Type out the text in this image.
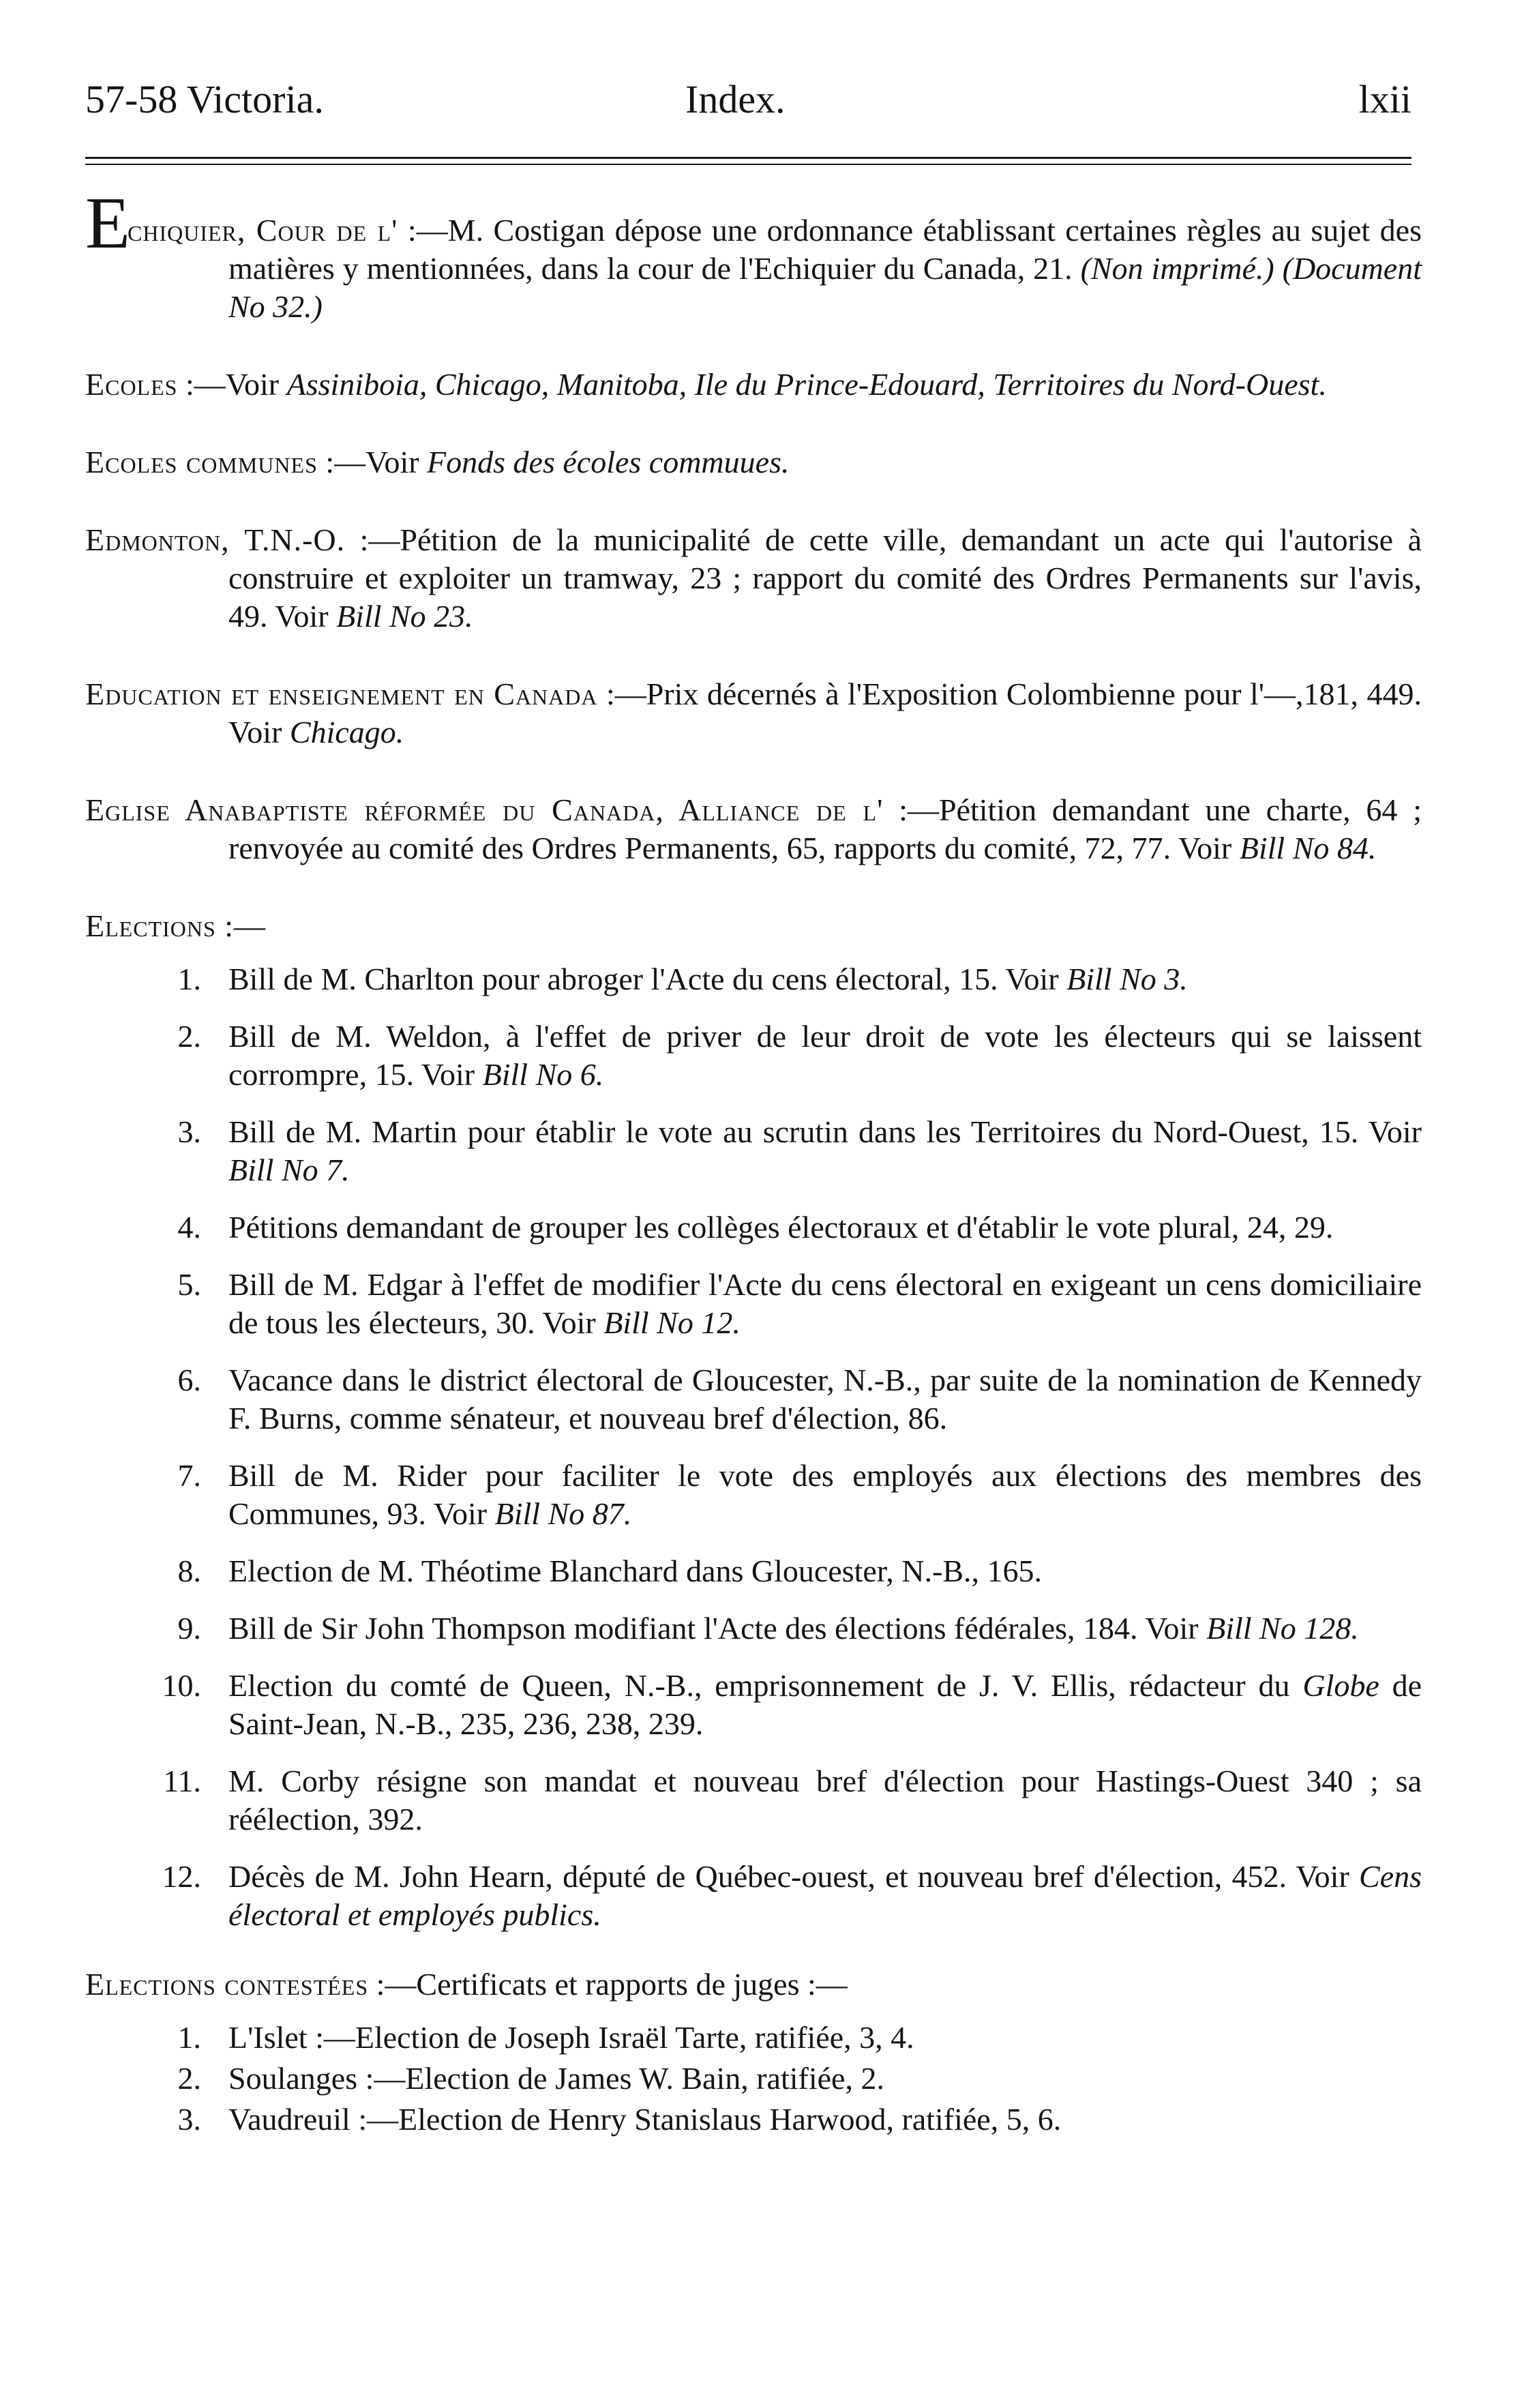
57-58 Victoria.	Index.	lxii
Echiquier, Cour de l' :—M. Costigan dépose une ordonnance établissant certaines règles au sujet des matières y mentionnées, dans la cour de l'Echiquier du Canada, 21. (Non imprimé.) (Document No 32.)
Ecoles :—Voir Assiniboia, Chicago, Manitoba, Ile du Prince-Edouard, Territoires du Nord-Ouest.
Ecoles communes :—Voir Fonds des écoles commuues.
Edmonton, T.N.-O. :—Pétition de la municipalité de cette ville, demandant un acte qui l'autorise à construire et exploiter un tramway, 23 ; rapport du comité des Ordres Permanents sur l'avis, 49. Voir Bill No 23.
Education et enseignement en Canada :—Prix décernés à l'Exposition Colombienne pour l'—,181, 449. Voir Chicago.
Eglise Anabaptiste réformée du Canada, Alliance de l' :—Pétition demandant une charte, 64 ; renvoyée au comité des Ordres Permanents, 65, rapports du comité, 72, 77. Voir Bill No 84.
Elections :—
1. Bill de M. Charlton pour abroger l'Acte du cens électoral, 15. Voir Bill No 3.
2. Bill de M. Weldon, à l'effet de priver de leur droit de vote les électeurs qui se laissent corrompre, 15. Voir Bill No 6.
3. Bill de M. Martin pour établir le vote au scrutin dans les Territoires du Nord-Ouest, 15. Voir Bill No 7.
4. Pétitions demandant de grouper les collèges électoraux et d'établir le vote plural, 24, 29.
5. Bill de M. Edgar à l'effet de modifier l'Acte du cens électoral en exigeant un cens domiciliaire de tous les électeurs, 30. Voir Bill No 12.
6. Vacance dans le district électoral de Gloucester, N.-B., par suite de la nomination de Kennedy F. Burns, comme sénateur, et nouveau bref d'élection, 86.
7. Bill de M. Rider pour faciliter le vote des employés aux élections des membres des Communes, 93. Voir Bill No 87.
8. Election de M. Théotime Blanchard dans Gloucester, N.-B., 165.
9. Bill de Sir John Thompson modifiant l'Acte des élections fédérales, 184. Voir Bill No 128.
10. Election du comté de Queen, N.-B., emprisonnement de J. V. Ellis, rédacteur du Globe de Saint-Jean, N.-B., 235, 236, 238, 239.
11. M. Corby résigne son mandat et nouveau bref d'élection pour Hastings-Ouest 340 ; sa réélection, 392.
12. Décès de M. John Hearn, député de Québec-ouest, et nouveau bref d'élection, 452. Voir Cens électoral et employés publics.
Elections contestées :—Certificats et rapports de juges :—
1. L'Islet :—Election de Joseph Israël Tarte, ratifiée, 3, 4.
2. Soulanges :—Election de James W. Bain, ratifiée, 2.
3. Vaudreuil :—Election de Henry Stanislaus Harwood, ratifiée, 5, 6.
